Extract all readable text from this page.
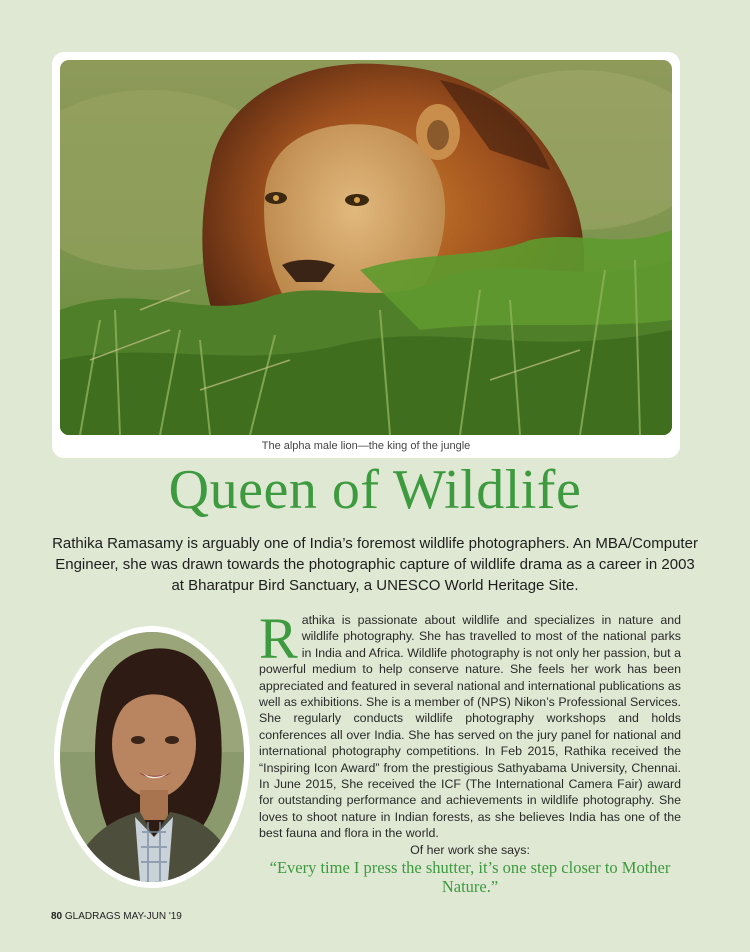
The alpha male lion—the king of the jungle
Queen of Wildlife

Rathika Ramasamy is arguably one of India’s foremost wildlife photographers. An MBA/Computer Engineer, she was drawn towards the photographic capture of wildlife drama as a career in 2003 at Bharatpur Bird Sanctuary, a UNESCO World Heritage Site.

Rathika is passionate about wildlife and specializes in nature and wildlife photography. She has travelled to most of the national parks in India and Africa. Wildlife photography is not only her passion, but a powerful medium to help conserve nature. She feels her work has been appreciated and featured in several national and international publications as well as exhibitions. She is a member of (NPS) Nikon’s Professional Services. She regularly conducts wildlife photography workshops and holds conferences all over India. She has served on the jury panel for national and international photography competitions. In Feb 2015, Rathika received the “Inspiring Icon Award” from the prestigious Sathyabama University, Chennai. In June 2015, She received the ICF (The International Camera Fair) award for outstanding performance and achievements in wildlife photography. She loves to shoot nature in Indian forests, as she believes India has one of the best fauna and flora in the world.

Of her work she says:

“Every time I press the shutter, it’s one step closer to Mother Nature.”

80 GLADRAGS MAY-JUN '19
